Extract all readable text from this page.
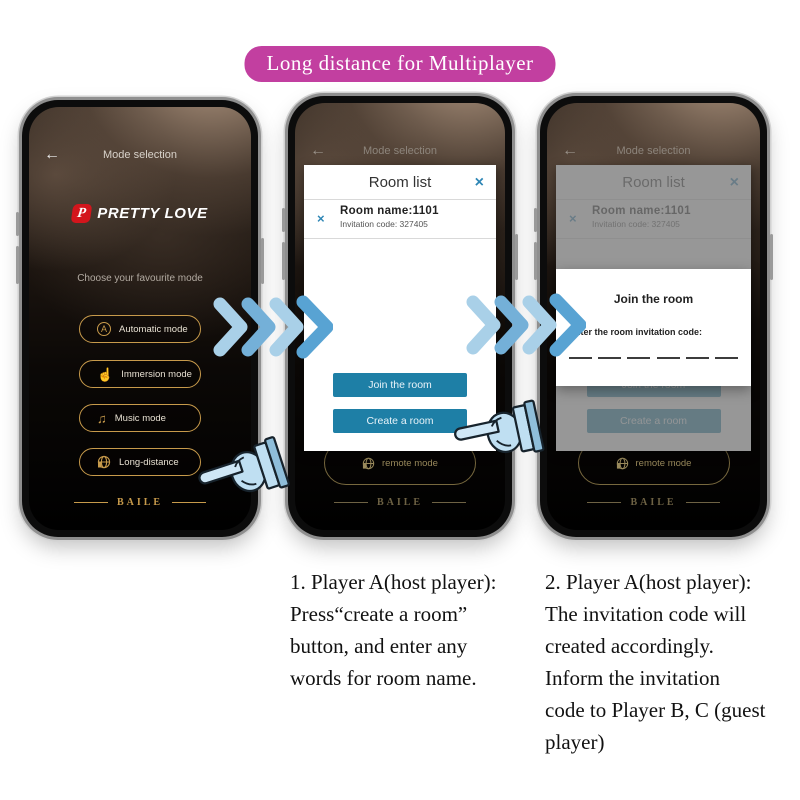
Long distance for Multiplayer
←	Mode selection
P PRETTY LOVE
Choose your favourite mode
A	Automatic mode
☝ Immersion mode
♫ Music mode
Long-distance
BAILE
←	Mode selection
remote mode
Room list	×
× Room name:1101
Invitation code: 327405
Join the room
Create a room
BAILE
←	Mode selection
remote mode
Join the room
Enter the room invitation code:
BAILE
1. Player A(host player):
Press“create a room”
button, and enter any
words for room name.
2. Player A(host player):
The invitation code will
created accordingly.
Inform the invitation
code to Player B, C (guest
player)
